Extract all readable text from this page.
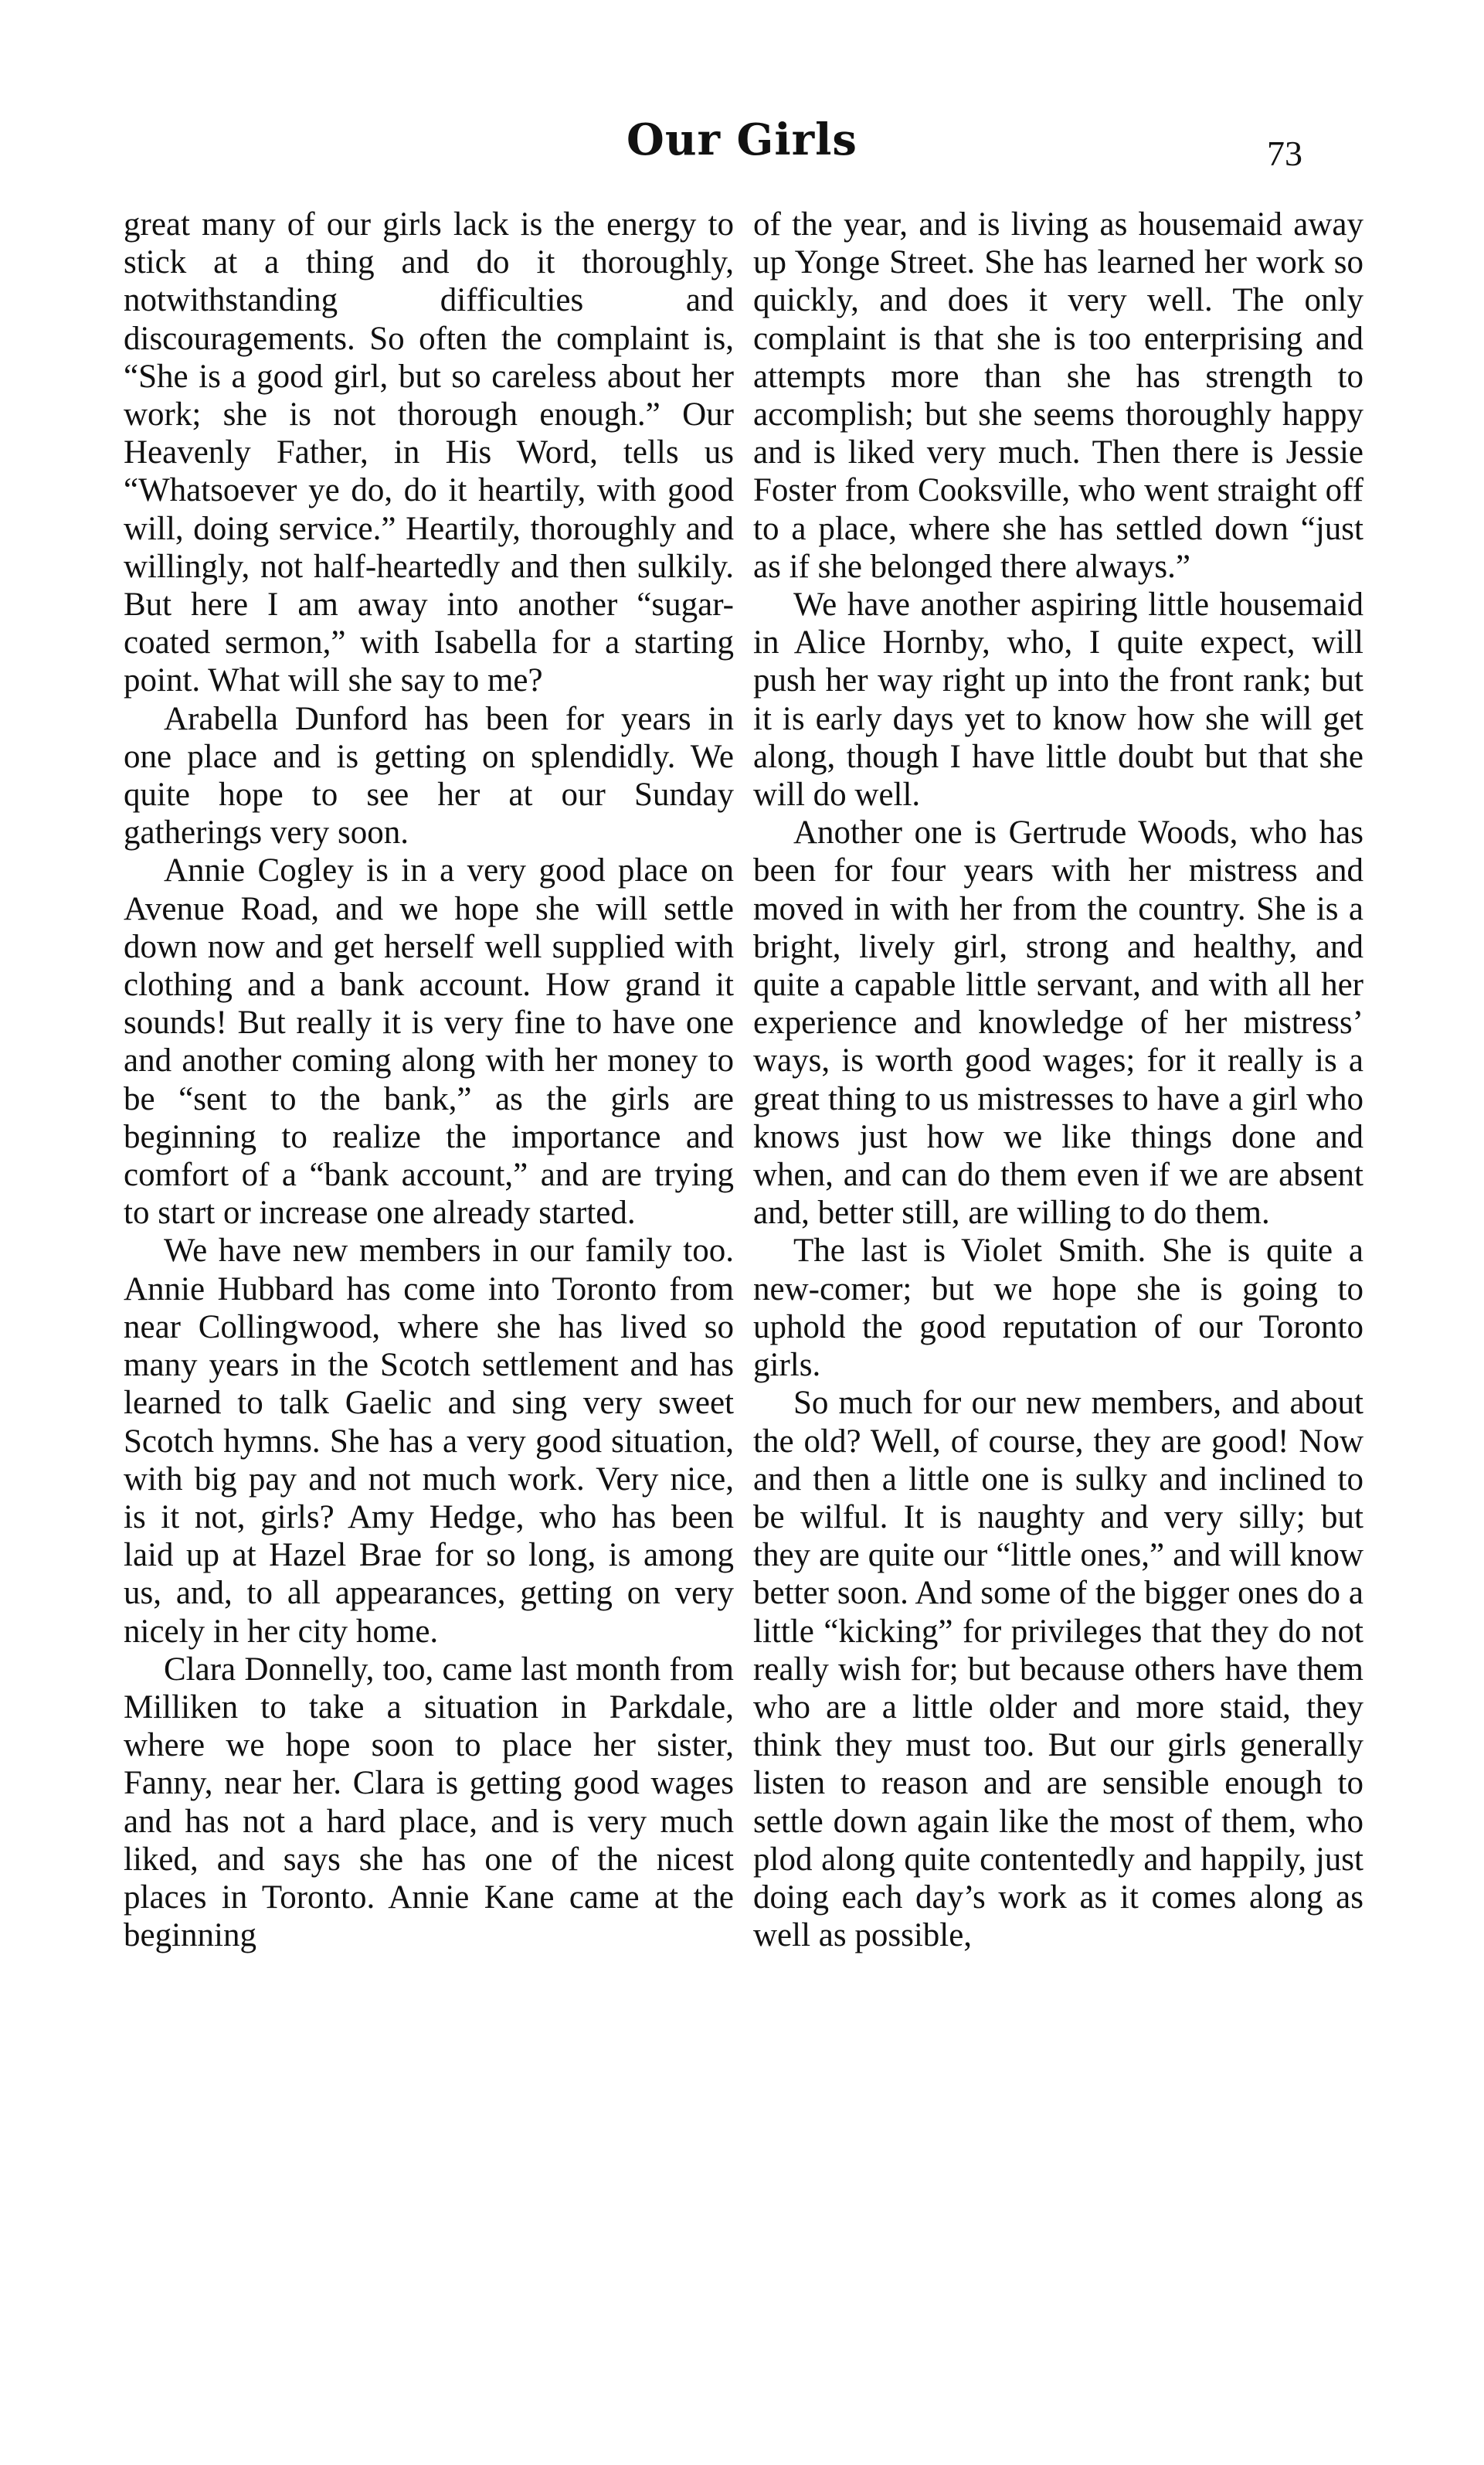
Our Girls	73

great many of our girls lack is the energy to stick at a thing and do it thoroughly, notwithstanding difficulties and discouragements. So often the complaint is, “She is a good girl, but so careless about her work; she is not thorough enough.” Our Heavenly Father, in His Word, tells us “Whatsoever ye do, do it heartily, with good will, doing service.” Heartily, thoroughly and willingly, not half-heartedly and then sulkily. But here I am away into another “sugar-coated sermon,” with Isabella for a starting point. What will she say to me?

Arabella Dunford has been for years in one place and is getting on splendidly. We quite hope to see her at our Sunday gatherings very soon.

Annie Cogley is in a very good place on Avenue Road, and we hope she will settle down now and get herself well supplied with clothing and a bank account. How grand it sounds! But really it is very fine to have one and another coming along with her money to be “sent to the bank,” as the girls are beginning to realize the importance and comfort of a “bank account,” and are trying to start or increase one already started.

We have new members in our family too. Annie Hubbard has come into Toronto from near Collingwood, where she has lived so many years in the Scotch settlement and has learned to talk Gaelic and sing very sweet Scotch hymns. She has a very good situation, with big pay and not much work. Very nice, is it not, girls? Amy Hedge, who has been laid up at Hazel Brae for so long, is among us, and, to all appearances, getting on very nicely in her city home.

Clara Donnelly, too, came last month from Milliken to take a situation in Parkdale, where we hope soon to place her sister, Fanny, near her. Clara is getting good wages and has not a hard place, and is very much liked, and says she has one of the nicest places in Toronto. Annie Kane came at the beginning

of the year, and is living as housemaid away up Yonge Street. She has learned her work so quickly, and does it very well. The only complaint is that she is too enterprising and attempts more than she has strength to accomplish; but she seems thoroughly happy and is liked very much. Then there is Jessie Foster from Cooksville, who went straight off to a place, where she has settled down “just as if she belonged there always.”

We have another aspiring little housemaid in Alice Hornby, who, I quite expect, will push her way right up into the front rank; but it is early days yet to know how she will get along, though I have little doubt but that she will do well.

Another one is Gertrude Woods, who has been for four years with her mistress and moved in with her from the country. She is a bright, lively girl, strong and healthy, and quite a capable little servant, and with all her experience and knowledge of her mistress’ ways, is worth good wages; for it really is a great thing to us mistresses to have a girl who knows just how we like things done and when, and can do them even if we are absent and, better still, are willing to do them.

The last is Violet Smith. She is quite a new-comer; but we hope she is going to uphold the good reputation of our Toronto girls.

So much for our new members, and about the old? Well, of course, they are good! Now and then a little one is sulky and inclined to be wilful. It is naughty and very silly; but they are quite our “little ones,” and will know better soon. And some of the bigger ones do a little “kicking” for privileges that they do not really wish for; but because others have them who are a little older and more staid, they think they must too. But our girls generally listen to reason and are sensible enough to settle down again like the most of them, who plod along quite contentedly and happily, just doing each day’s work as it comes along as well as possible,
